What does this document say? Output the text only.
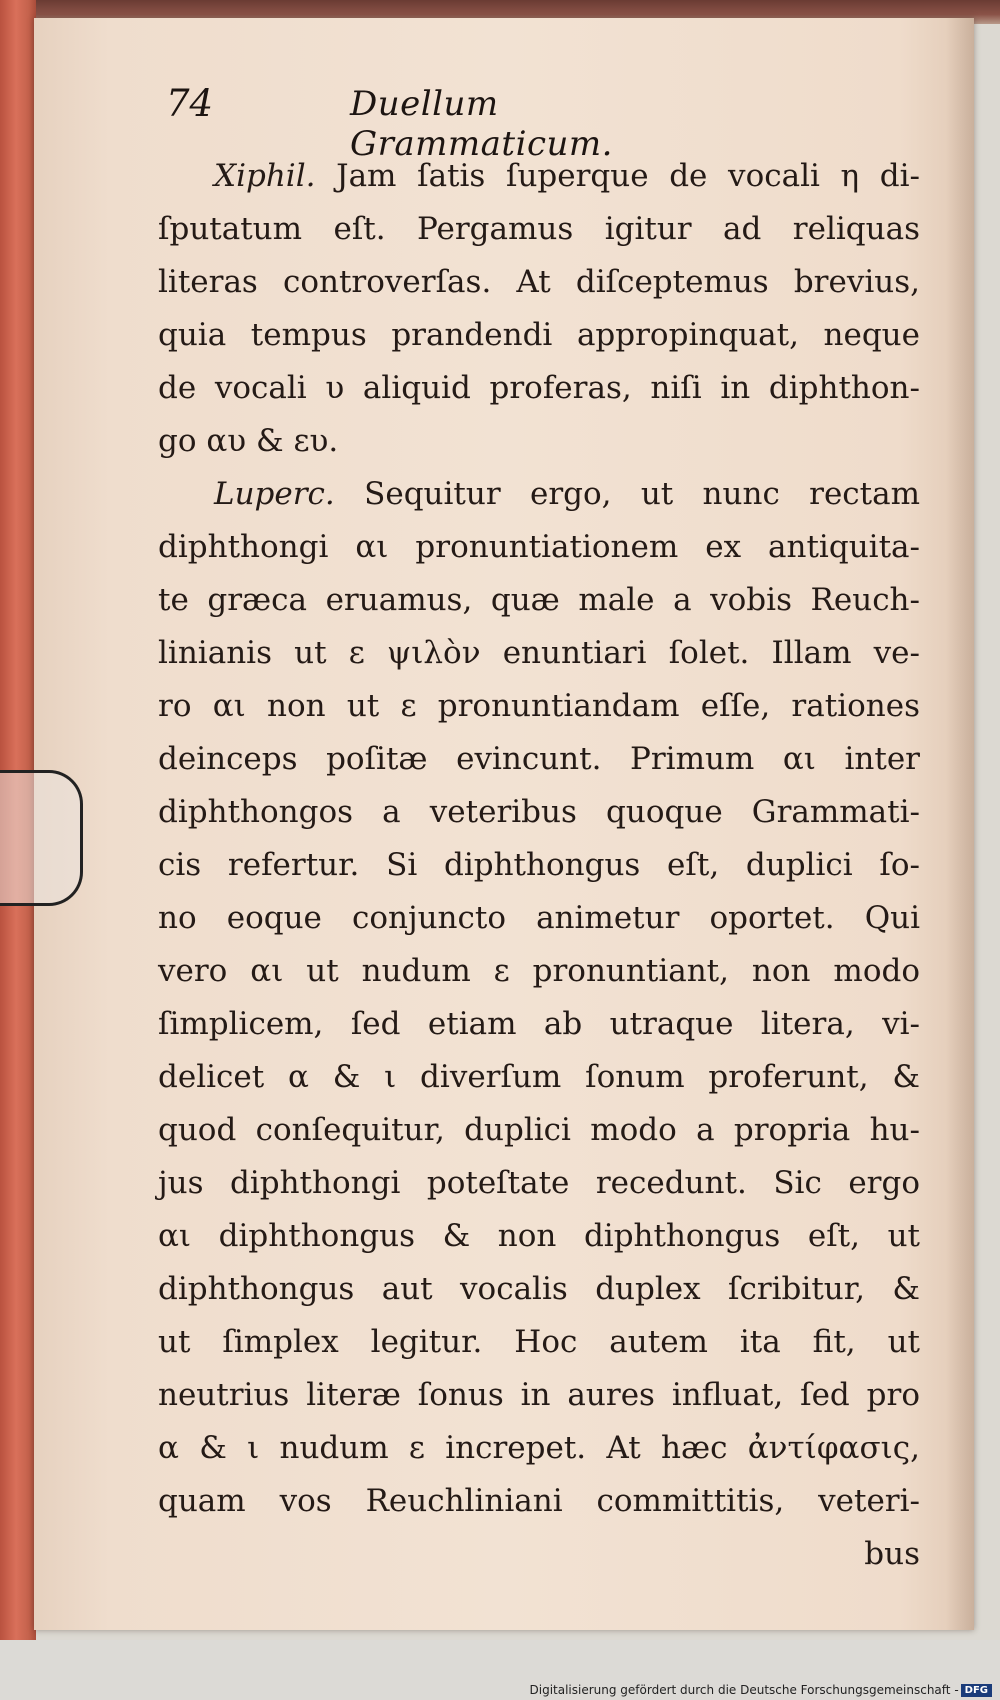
74	Duellum Grammaticum.
Xiphil. Jam ſatis ſuperque de vocali η di-
ſputatum eſt. Pergamus igitur ad reliquas
literas controverſas. At diſceptemus brevius,
quia tempus prandendi appropinquat, neque
de vocali υ aliquid proferas, niſi in diphthon-
go αυ & ευ.
Luperc. Sequitur ergo, ut nunc rectam
diphthongi αι pronuntiationem ex antiquita-
te græca eruamus, quæ male a vobis Reuch-
linianis ut ε ψιλὸν enuntiari ſolet. Illam ve-
ro αι non ut ε pronuntiandam eſſe, rationes
deinceps poſitæ evincunt. Primum αι inter
diphthongos a veteribus quoque Grammati-
cis refertur. Si diphthongus eſt, duplici ſo-
no eoque conjuncto animetur oportet. Qui
vero αι ut nudum ε pronuntiant, non modo
ſimplicem, ſed etiam ab utraque litera, vi-
delicet α & ι diverſum ſonum proferunt, &
quod conſequitur, duplici modo a propria hu-
jus diphthongi poteſtate recedunt. Sic ergo
αι diphthongus & non diphthongus eſt, ut
diphthongus aut vocalis duplex ſcribitur, &
ut ſimplex legitur. Hoc autem ita fit, ut
neutrius literæ ſonus in aures influat, ſed pro
α & ι nudum ε increpet. At hæc ἀντίφασις,
quam vos Reuchliniani committitis, veteri-
bus
Digitalisierung gefördert durch die Deutsche Forschungsgemeinschaft - DFG
